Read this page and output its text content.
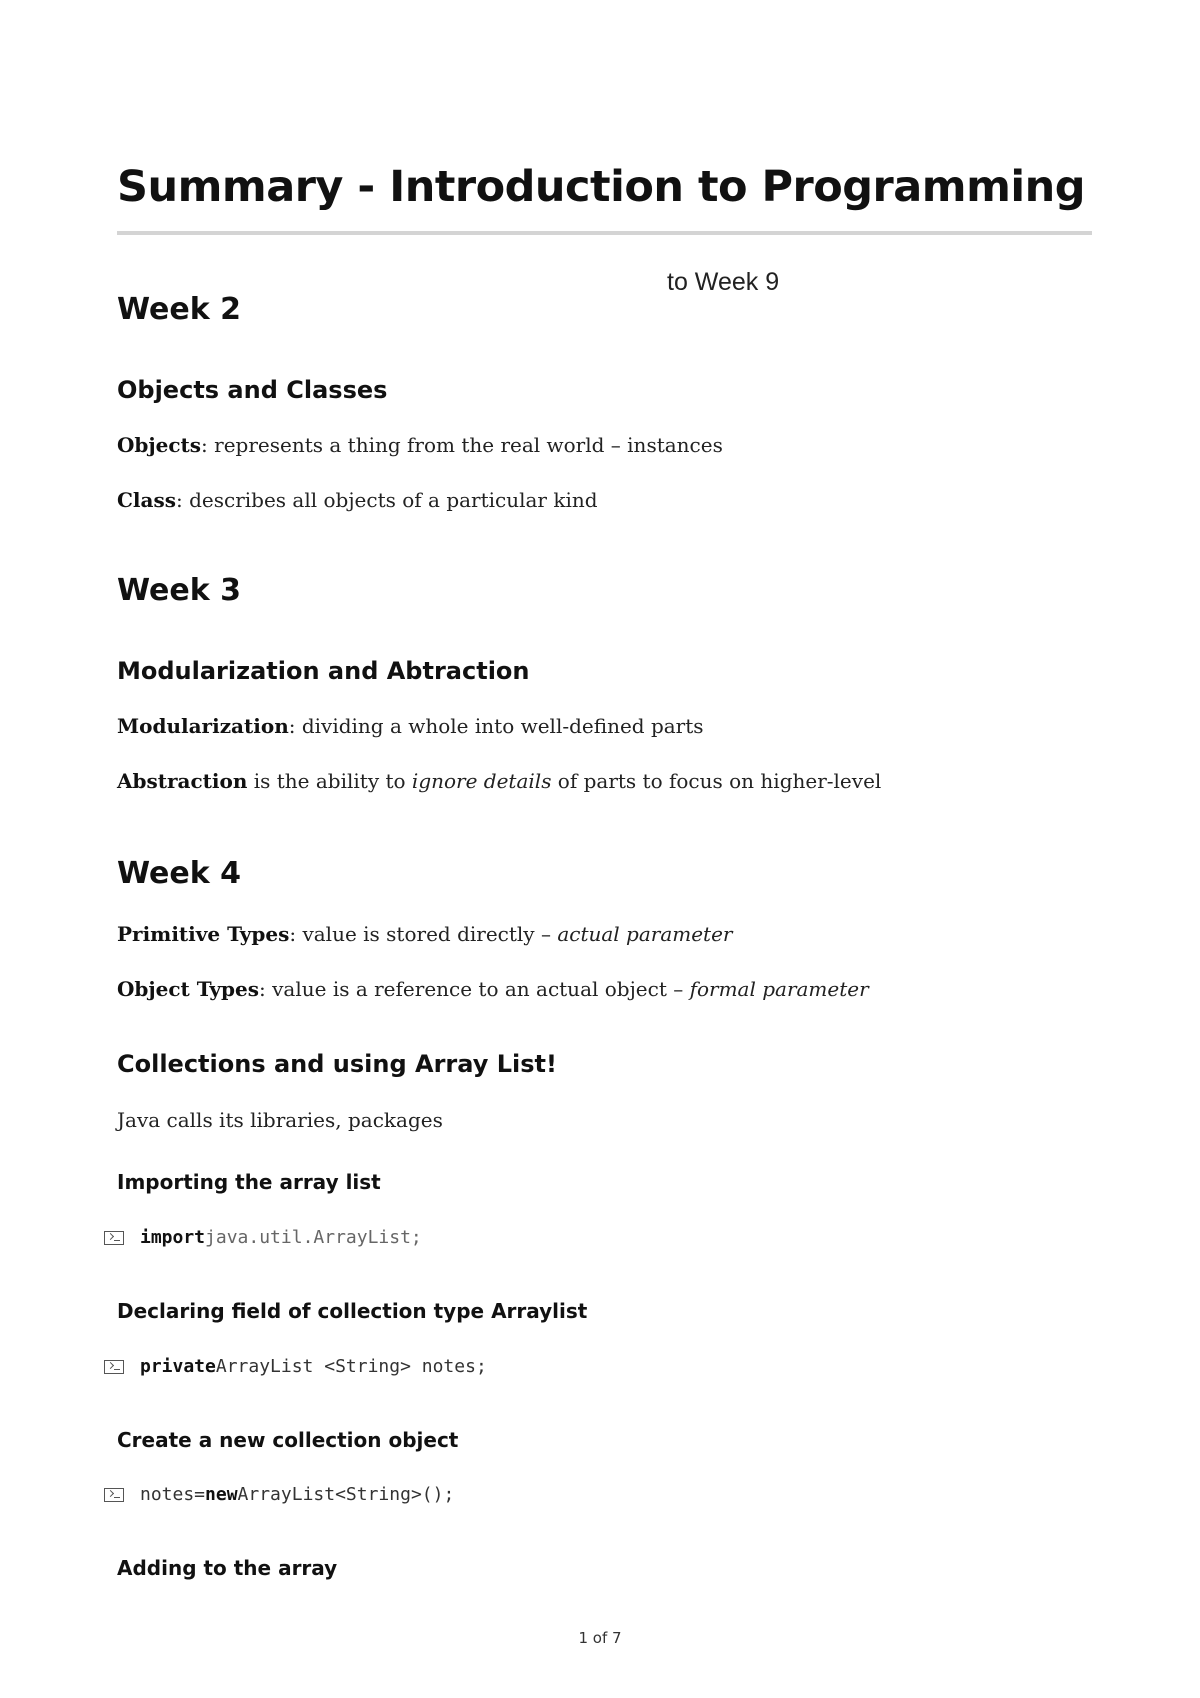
Summary - Introduction to Programming
to Week 9
Week 2
Objects and Classes

Objects: represents a thing from the real world – instances

Class: describes all objects of a particular kind

Week 3
Modularization and Abtraction

Modularization: dividing a whole into well-defined parts

Abstraction is the ability to ignore details of parts to focus on higher-level

Week 4

Primitive Types: value is stored directly – actual parameter

Object Types: value is a reference to an actual object – formal parameter

Collections and using Array List!

Java calls its libraries, packages

Importing the array list
import java.util.ArrayList;
Declaring field of collection type Arraylist
private ArrayList <String> notes;
Create a new collection object
notes= new ArrayList<String>();
Adding to the array
1 of 7
